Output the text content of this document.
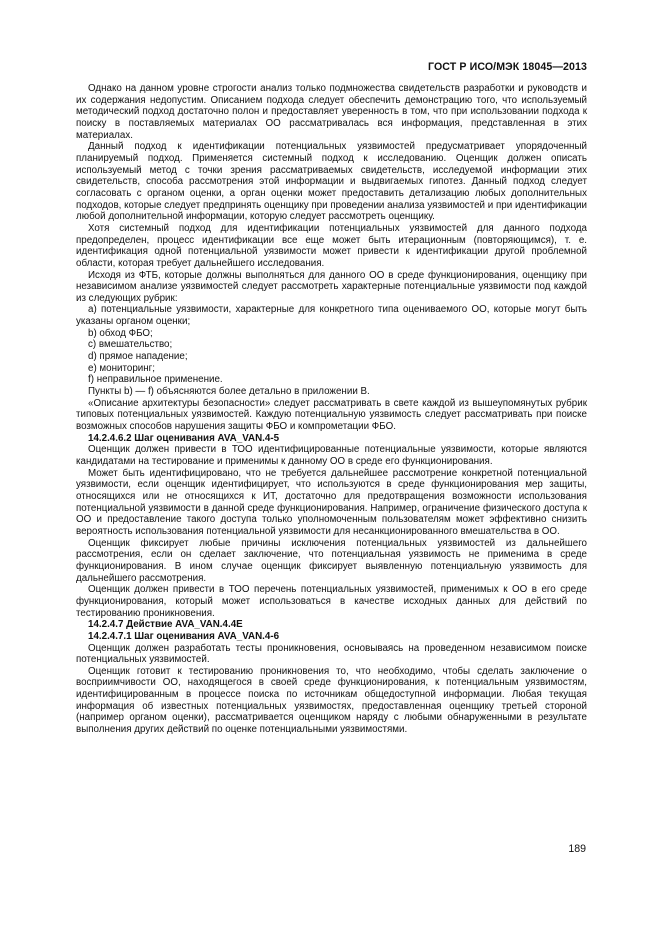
ГОСТ Р ИСО/МЭК 18045—2013

Однако на данном уровне строгости анализ только подмножества свидетельств разработки и руководств и их содержания недопустим. Описанием подхода следует обеспечить демонстрацию того, что используемый методический подход достаточно полон и предоставляет уверенность в том, что при использовании подхода к поиску в поставляемых материалах ОО рассматривалась вся информация, представленная в этих материалах.

Данный подход к идентификации потенциальных уязвимостей предусматривает упорядоченный планируемый подход. Применяется системный подход к исследованию. Оценщик должен описать используемый метод с точки зрения рассматриваемых свидетельств, исследуемой информации этих свидетельств, способа рассмотрения этой информации и выдвигаемых гипотез. Данный подход следует согласовать с органом оценки, а орган оценки может предоставить детализацию любых дополнительных подходов, которые следует предпринять оценщику при проведении анализа уязвимостей и при идентификации любой дополнительной информации, которую следует рассмотреть оценщику.

Хотя системный подход для идентификации потенциальных уязвимостей для данного подхода предопределен, процесс идентификации все еще может быть итерационным (повторяющимся), т. е. идентификация одной потенциальной уязвимости может привести к идентификации другой проблемной области, которая требует дальнейшего исследования.

Исходя из ФТБ, которые должны выполняться для данного ОО в среде функционирования, оценщику при независимом анализе уязвимостей следует рассмотреть характерные потенциальные уязвимости под каждой из следующих рубрик:

a) потенциальные уязвимости, характерные для конкретного типа оцениваемого ОО, которые могут быть указаны органом оценки;

b) обход ФБО;

c) вмешательство;

d) прямое нападение;

e) мониторинг;

f) неправильное применение.

Пункты b) — f) объясняются более детально в приложении В.

«Описание архитектуры безопасности» следует рассматривать в свете каждой из вышеупомянутых рубрик типовых потенциальных уязвимостей. Каждую потенциальную уязвимость следует рассматривать при поиске возможных способов нарушения защиты ФБО и компрометации ФБО.

14.2.4.6.2 Шаг оценивания AVA_VAN.4-5

Оценщик должен привести в ТОО идентифицированные потенциальные уязвимости, которые являются кандидатами на тестирование и применимы к данному ОО в среде его функционирования.

Может быть идентифицировано, что не требуется дальнейшее рассмотрение конкретной потенциальной уязвимости, если оценщик идентифицирует, что используются в среде функционирования мер защиты, относящихся или не относящихся к ИТ, достаточно для предотвращения возможности использования потенциальной уязвимости в данной среде функционирования. Например, ограничение физического доступа к ОО и предоставление такого доступа только уполномоченным пользователям может эффективно снизить вероятность использования потенциальной уязвимости для несанкционированного вмешательства в ОО.

Оценщик фиксирует любые причины исключения потенциальных уязвимостей из дальнейшего рассмотрения, если он сделает заключение, что потенциальная уязвимость не применима в среде функционирования. В ином случае оценщик фиксирует выявленную потенциальную уязвимость для дальнейшего рассмотрения.

Оценщик должен привести в ТОО перечень потенциальных уязвимостей, применимых к ОО в его среде функционирования, который может использоваться в качестве исходных данных для действий по тестированию проникновения.

14.2.4.7 Действие AVA_VAN.4.4E

14.2.4.7.1 Шаг оценивания AVA_VAN.4-6

Оценщик должен разработать тесты проникновения, основываясь на проведенном независимом поиске потенциальных уязвимостей.

Оценщик готовит к тестированию проникновения то, что необходимо, чтобы сделать заключение о восприимчивости ОО, находящегося в своей среде функционирования, к потенциальным уязвимостям, идентифицированным в процессе поиска по источникам общедоступной информации. Любая текущая информация об известных потенциальных уязвимостях, предоставленная оценщику третьей стороной (например органом оценки), рассматривается оценщиком наряду с любыми обнаруженными в результате выполнения других действий по оценке потенциальными уязвимостями.

189
